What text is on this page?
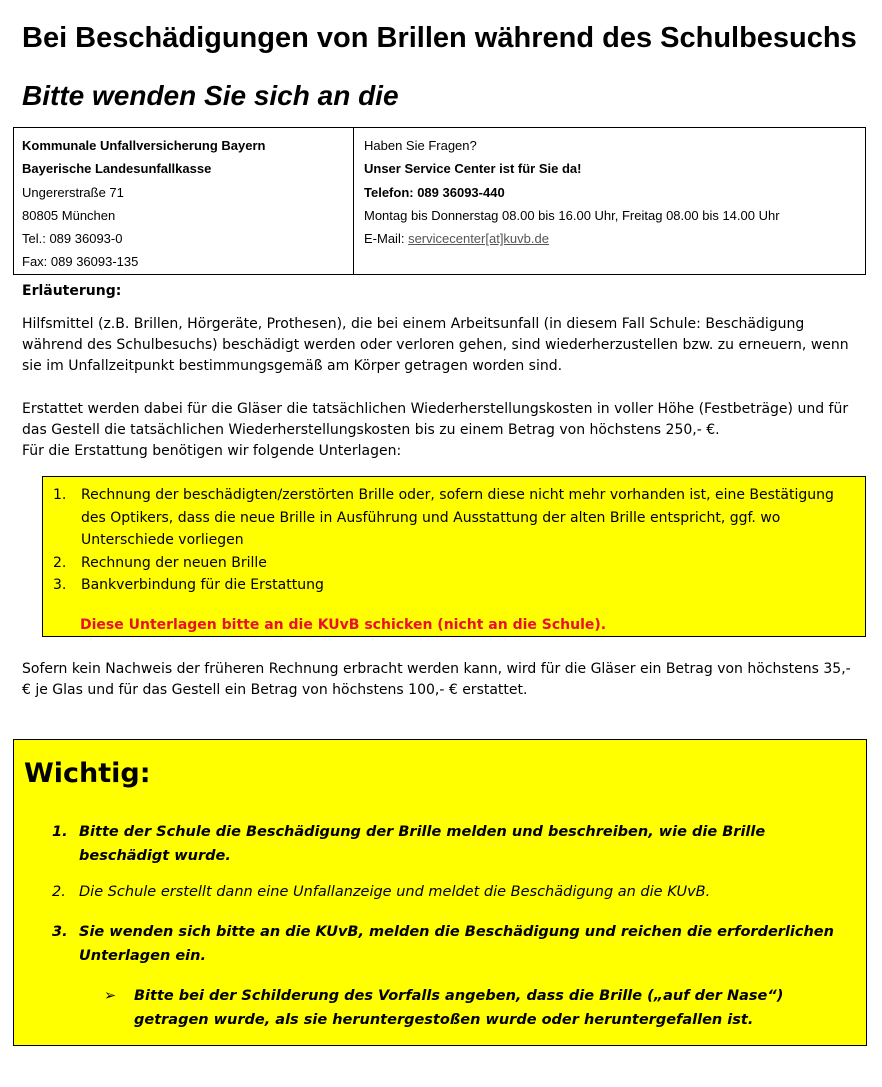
Bei Beschädigungen von Brillen während des Schulbesuchs
Bitte wenden Sie sich an die
Kommunale Unfallversicherung Bayern
Bayerische Landesunfallkasse
Ungererstraße 71
80805 München
Tel.: 089 36093-0
Fax: 089 36093-135
Haben Sie Fragen?
Unser Service Center ist für Sie da!
Telefon: 089 36093-440
Montag bis Donnerstag 08.00 bis 16.00 Uhr, Freitag 08.00 bis 14.00 Uhr
E-Mail: servicecenter[at]kuvb.de
Erläuterung:
Hilfsmittel (z.B. Brillen, Hörgeräte, Prothesen), die bei einem Arbeitsunfall (in diesem Fall Schule: Beschädigung während des Schulbesuchs) beschädigt werden oder verloren gehen, sind wiederherzustellen bzw. zu erneuern, wenn sie im Unfallzeitpunkt bestimmungsgemäß am Körper getragen worden sind.
Erstattet werden dabei für die Gläser die tatsächlichen Wiederherstellungskosten in voller Höhe (Festbeträge) und für das Gestell die tatsächlichen Wiederherstellungskosten bis zu einem Betrag von höchstens 250,- €.
Für die Erstattung benötigen wir folgende Unterlagen:
1.	Rechnung der beschädigten/zerstörten Brille oder, sofern diese nicht mehr vorhanden ist, eine Bestätigung des Optikers, dass die neue Brille in Ausführung und Ausstattung der alten Brille entspricht, ggf. wo Unterschiede vorliegen
2.	Rechnung der neuen Brille
3.	Bankverbindung für die Erstattung
Diese Unterlagen bitte an die KUvB schicken (nicht an die Schule).
Sofern kein Nachweis der früheren Rechnung erbracht werden kann, wird für die Gläser ein Betrag von höchstens 35,- € je Glas und für das Gestell ein Betrag von höchstens 100,- € erstattet.
Wichtig:
1. Bitte der Schule die Beschädigung der Brille melden und beschreiben, wie die Brille beschädigt wurde.
2. Die Schule erstellt dann eine Unfallanzeige und meldet die Beschädigung an die KUvB.
3. Sie wenden sich bitte an die KUvB, melden die Beschädigung und reichen die erforderlichen Unterlagen ein.
➢	Bitte bei der Schilderung des Vorfalls angeben, dass die Brille („auf der Nase“) getragen wurde, als sie heruntergestoßen wurde oder heruntergefallen ist.
